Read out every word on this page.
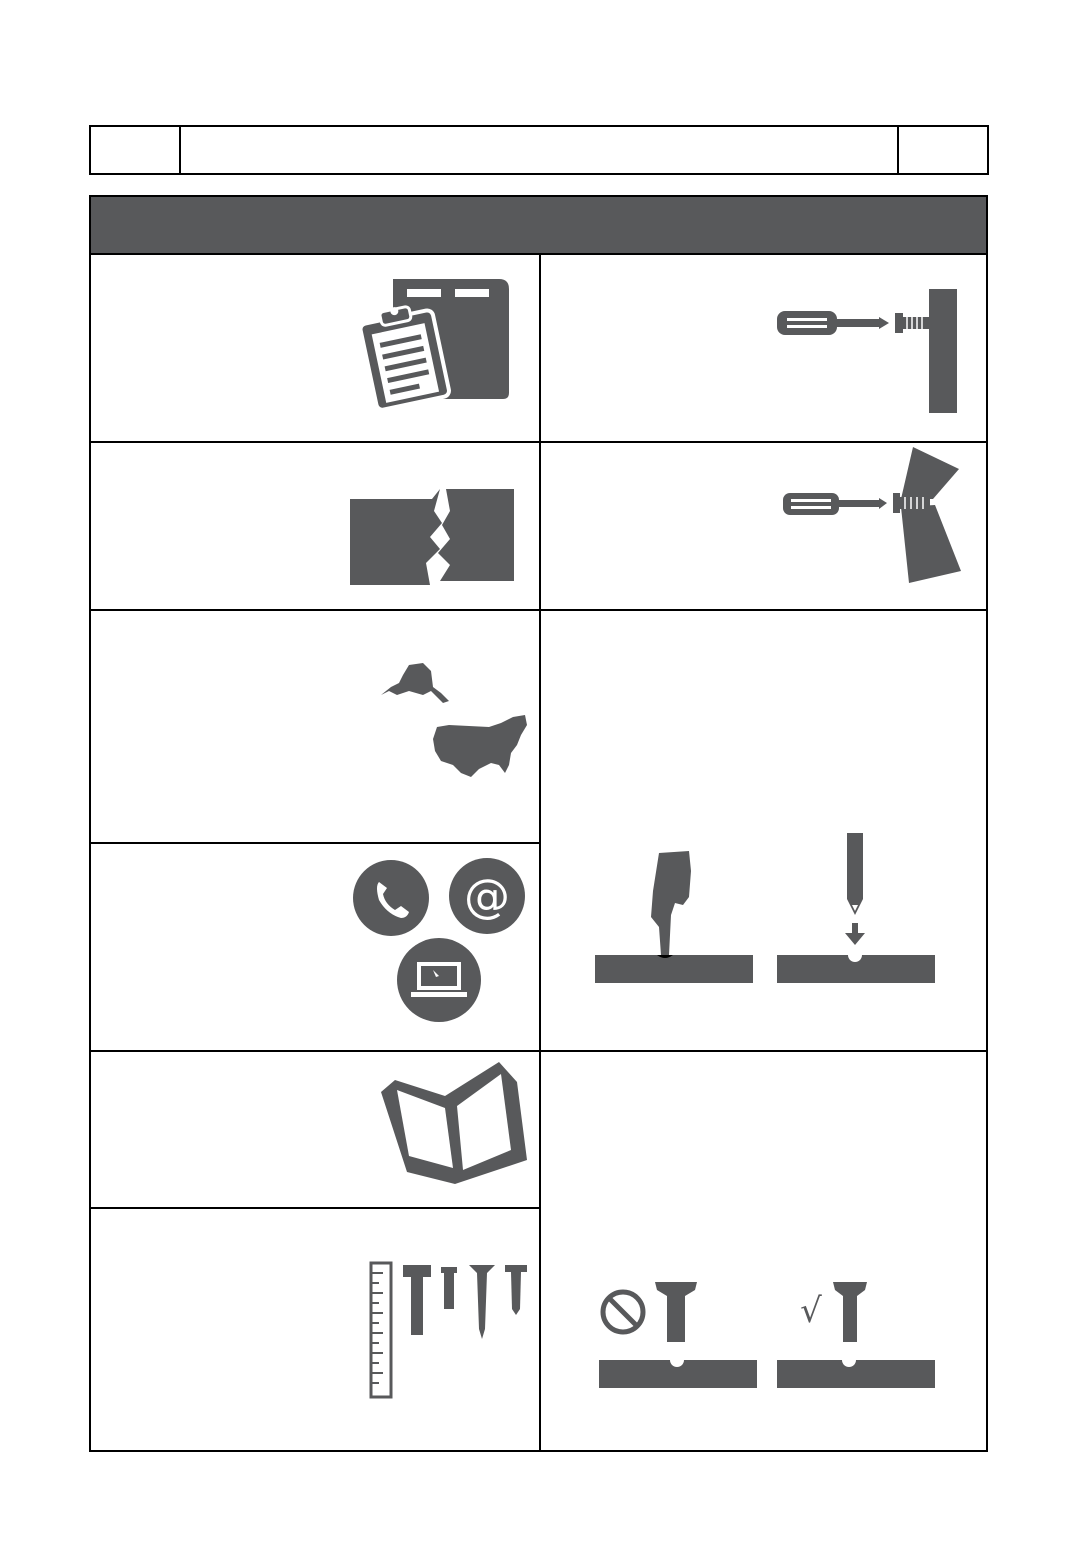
@
√
